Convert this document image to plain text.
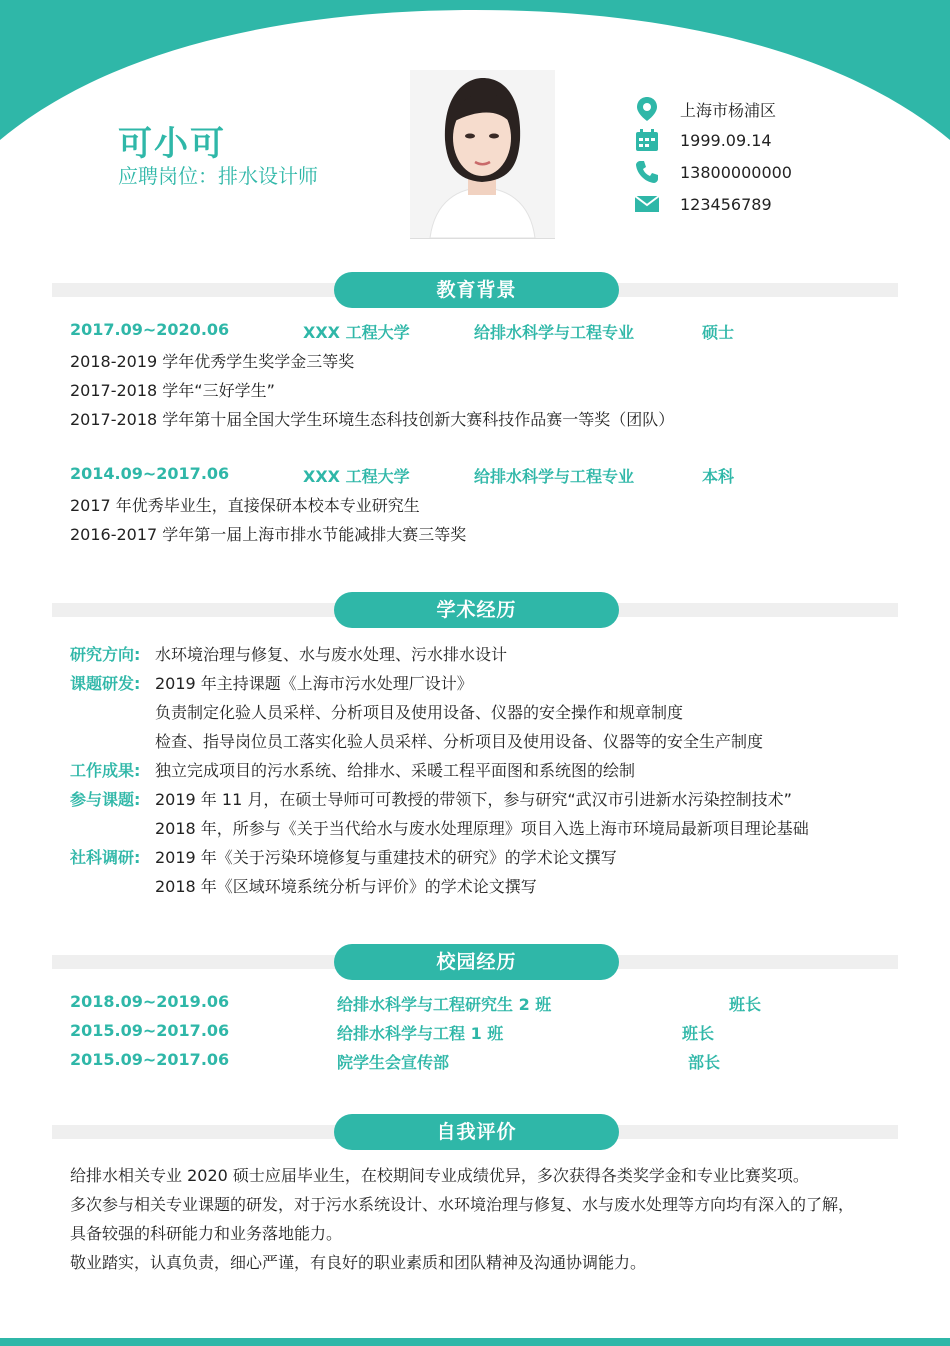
可小可
应聘岗位：排水设计师
上海市杨浦区
1999.09.14
13800000000
123456789
教育背景
2017.09~2020.06	XXX 工程大学	给排水科学与工程专业	硕士
2018-2019 学年优秀学生奖学金三等奖
2017-2018 学年“三好学生”
2017-2018 学年第十届全国大学生环境生态科技创新大赛科技作品赛一等奖（团队）
2014.09~2017.06	XXX 工程大学	给排水科学与工程专业	本科
2017 年优秀毕业生，直接保研本校本专业研究生
2016-2017 学年第一届上海市排水节能减排大赛三等奖
学术经历
研究方向: 水环境治理与修复、水与废水处理、污水排水设计
课题研发: 2019 年主持课题《上海市污水处理厂设计》
负责制定化验人员采样、分析项目及使用设备、仪器的安全操作和规章制度
检查、指导岗位员工落实化验人员采样、分析项目及使用设备、仪器等的安全生产制度
工作成果: 独立完成项目的污水系统、给排水、采暖工程平面图和系统图的绘制
参与课题: 2019 年 11 月，在硕士导师可可教授的带领下，参与研究“武汉市引进新水污染控制技术”
2018 年，所参与《关于当代给水与废水处理原理》项目入选上海市环境局最新项目理论基础
社科调研: 2019 年《关于污染环境修复与重建技术的研究》的学术论文撰写
2018 年《区域环境系统分析与评价》的学术论文撰写
校园经历
2018.09~2019.06	给排水科学与工程研究生 2 班	班长
2015.09~2017.06	给排水科学与工程 1 班	班长
2015.09~2017.06	院学生会宣传部	部长
自我评价
给排水相关专业 2020 硕士应届毕业生，在校期间专业成绩优异，多次获得各类奖学金和专业比赛奖项。
多次参与相关专业课题的研发，对于污水系统设计、水环境治理与修复、水与废水处理等方向均有深入的了解，
具备较强的科研能力和业务落地能力。
敬业踏实，认真负责，细心严谨，有良好的职业素质和团队精神及沟通协调能力。
